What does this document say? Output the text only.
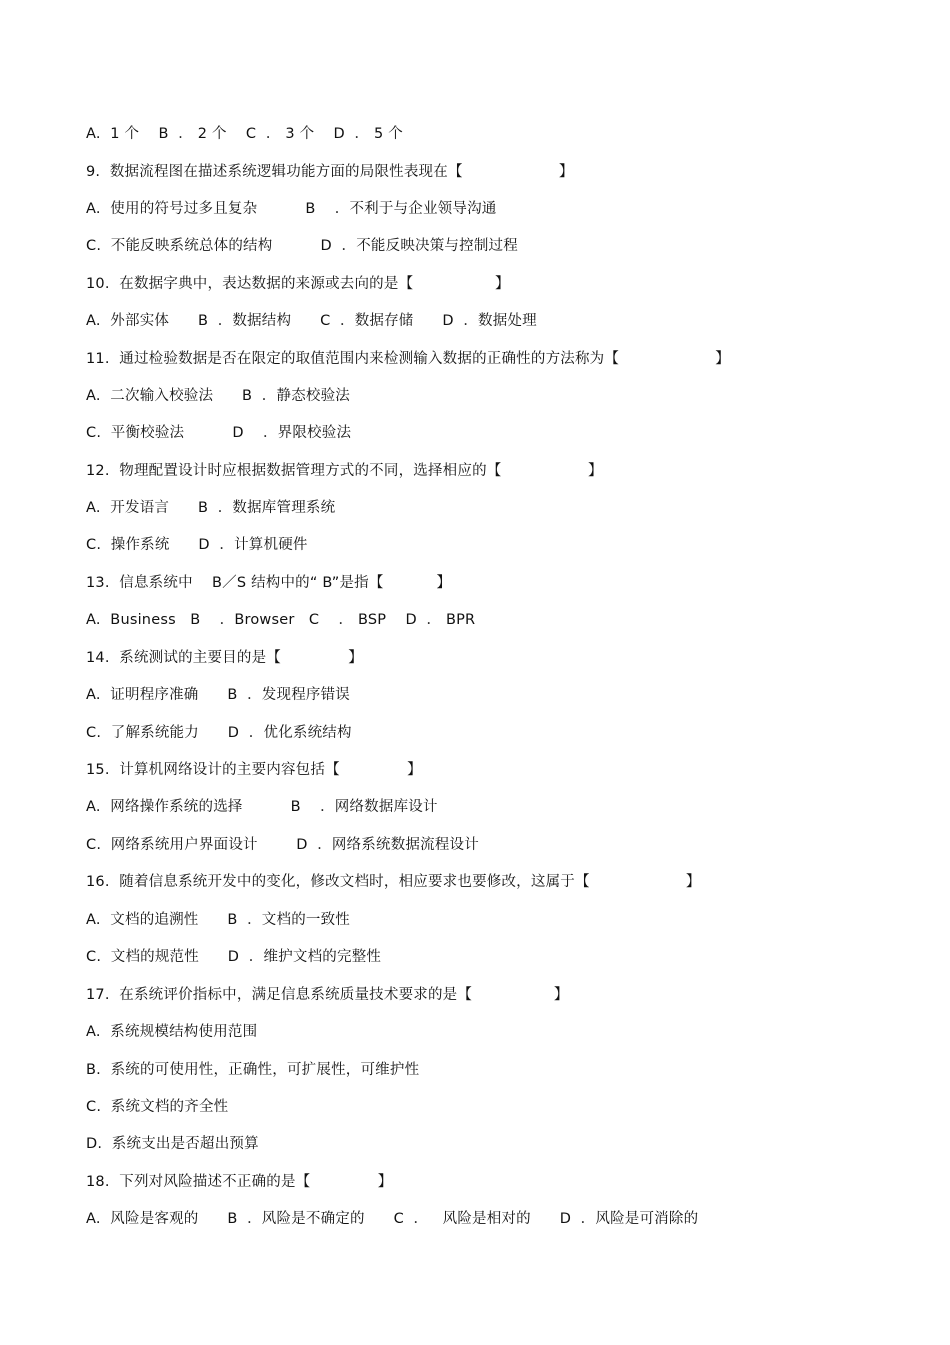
A.  1 个    B  ． 2 个    C  ． 3 个    D  ． 5 个
9.  数据流程图在描述系统逻辑功能方面的局限性表现在【                    】
A.  使用的符号过多且复杂          B    ．不利于与企业领导沟通
C.  不能反映系统总体的结构          D  ．不能反映决策与控制过程
10.  在数据字典中，表达数据的来源或去向的是【                 】
A.  外部实体      B  ．数据结构      C  ．数据存储      D  ．数据处理
11.  通过检验数据是否在限定的取值范围内来检测输入数据的正确性的方法称为【                    】
A.  二次输入校验法      B  ．静态校验法
C.  平衡校验法          D    ．界限校验法
12.  物理配置设计时应根据数据管理方式的不同，选择相应的【                  】
A.  开发语言      B  ．数据库管理系统
C.  操作系统      D  ．计算机硬件
13.  信息系统中    B／S 结构中的“ B”是指【           】
A.  Business   B    ．Browser   C    ． BSP    D  ． BPR
14.  系统测试的主要目的是【              】
A.  证明程序准确      B  ．发现程序错误
C.  了解系统能力      D  ．优化系统结构
15.  计算机网络设计的主要内容包括【              】
A.  网络操作系统的选择          B    ．网络数据库设计
C.  网络系统用户界面设计        D  ．网络系统数据流程设计
16.  随着信息系统开发中的变化，修改文档时，相应要求也要修改，这属于【                    】
A.  文档的追溯性      B  ．文档的一致性
C.  文档的规范性      D  ．维护文档的完整性
17.  在系统评价指标中，满足信息系统质量技术要求的是【                 】
A.  系统规模结构使用范围
B.  系统的可使用性，正确性，可扩展性，可维护性
C.  系统文档的齐全性
D.  系统支出是否超出预算
18.  下列对风险描述不正确的是【              】
A.  风险是客观的      B  ．风险是不确定的      C  ．   风险是相对的      D  ．风险是可消除的
